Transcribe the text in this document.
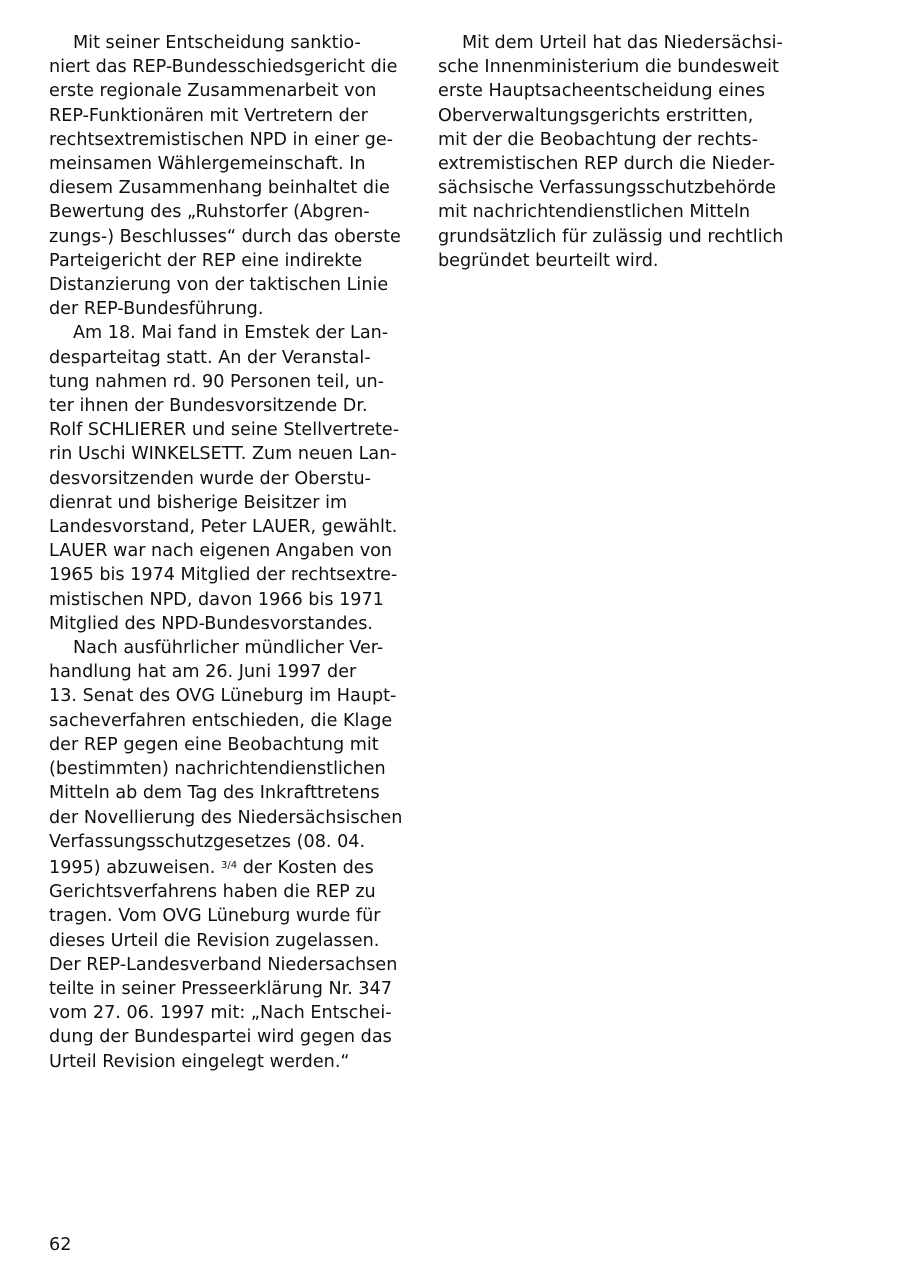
Mit seiner Entscheidung sanktio-
niert das REP-Bundesschiedsgericht die
erste regionale Zusammenarbeit von
REP-Funktionären mit Vertretern der
rechtsextremistischen NPD in einer ge-
meinsamen Wählergemeinschaft. In
diesem Zusammenhang beinhaltet die
Bewertung des „Ruhstorfer (Abgren-
zungs-) Beschlusses“ durch das oberste
Parteigericht der REP eine indirekte
Distanzierung von der taktischen Linie
der REP-Bundesführung.

Am 18. Mai fand in Emstek der Lan-
desparteitag statt. An der Veranstal-
tung nahmen rd. 90 Personen teil, un-
ter ihnen der Bundesvorsitzende Dr.
Rolf SCHLIERER und seine Stellvertrete-
rin Uschi WINKELSETT. Zum neuen Lan-
desvorsitzenden wurde der Oberstu-
dienrat und bisherige Beisitzer im
Landesvorstand, Peter LAUER, gewählt.
LAUER war nach eigenen Angaben von
1965 bis 1974 Mitglied der rechtsextre-
mistischen NPD, davon 1966 bis 1971
Mitglied des NPD-Bundesvorstandes.

Nach ausführlicher mündlicher Ver-
handlung hat am 26. Juni 1997 der
13. Senat des OVG Lüneburg im Haupt-
sacheverfahren entschieden, die Klage
der REP gegen eine Beobachtung mit
(bestimmten) nachrichtendienstlichen
Mitteln ab dem Tag des Inkrafttretens
der Novellierung des Niedersächsischen
Verfassungsschutzgesetzes (08. 04.
1995) abzuweisen. $^{3/4}$ der Kosten des
Gerichtsverfahrens haben die REP zu
tragen. Vom OVG Lüneburg wurde für
dieses Urteil die Revision zugelassen.
Der REP-Landesverband Niedersachsen
teilte in seiner Presseerklärung Nr. 347
vom 27. 06. 1997 mit: „Nach Entschei-
dung der Bundespartei wird gegen das
Urteil Revision eingelegt werden.“

Mit dem Urteil hat das Niedersächsi-
sche Innenministerium die bundesweit
erste Hauptsacheentscheidung eines
Oberverwaltungsgerichts erstritten,
mit der die Beobachtung der rechts-
extremistischen REP durch die Nieder-
sächsische Verfassungsschutzbehörde
mit nachrichtendienstlichen Mitteln
grundsätzlich für zulässig und rechtlich
begründet beurteilt wird.

62
